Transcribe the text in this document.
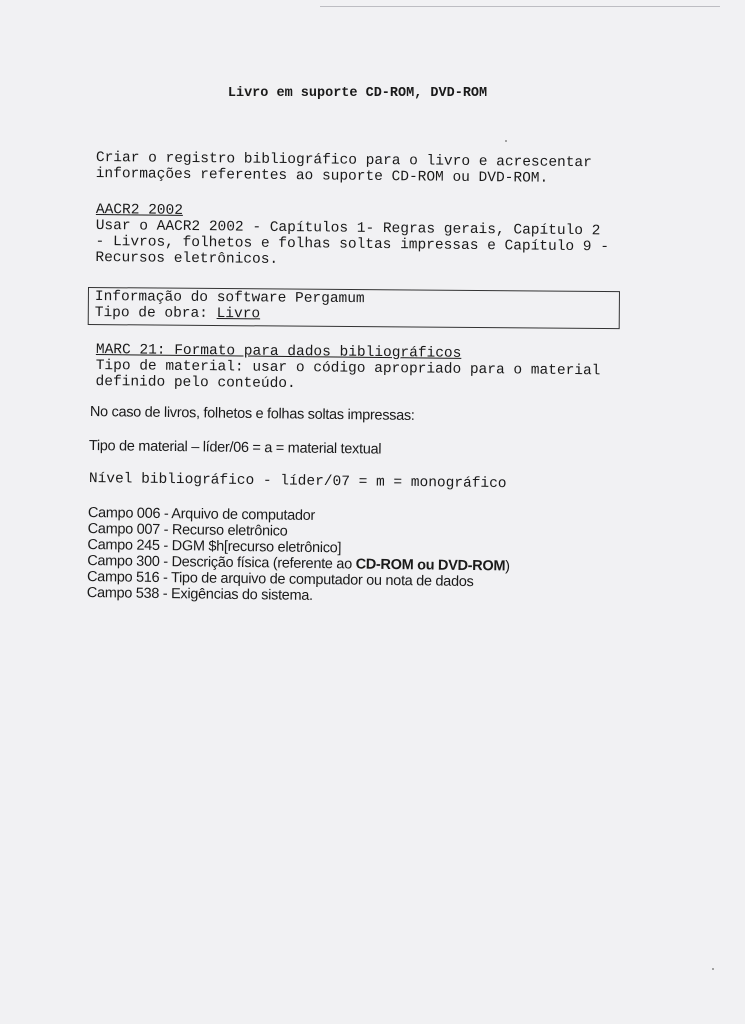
Livro em suporte CD-ROM, DVD-ROM
Criar o registro bibliográfico para o livro e acrescentar
informações referentes ao suporte CD-ROM ou DVD-ROM.
AACR2 2002
Usar o AACR2 2002 - Capítulos 1- Regras gerais, Capítulo 2
- Livros, folhetos e folhas soltas impressas e Capítulo 9 -
Recursos eletrônicos.
Informação do software Pergamum
Tipo de obra: Livro
MARC 21: Formato para dados bibliográficos
Tipo de material: usar o código apropriado para o material
definido pelo conteúdo.
No caso de livros, folhetos e folhas soltas impressas:
Tipo de material – líder/06 = a = material textual
Nível bibliográfico - líder/07 = m = monográfico
Campo 006 - Arquivo de computador
Campo 007 - Recurso eletrônico
Campo 245 - DGM $h[recurso eletrônico]
Campo 300 - Descrição física (referente ao CD-ROM ou DVD-ROM)
Campo 516 - Tipo de arquivo de computador ou nota de dados
Campo 538 - Exigências do sistema.
